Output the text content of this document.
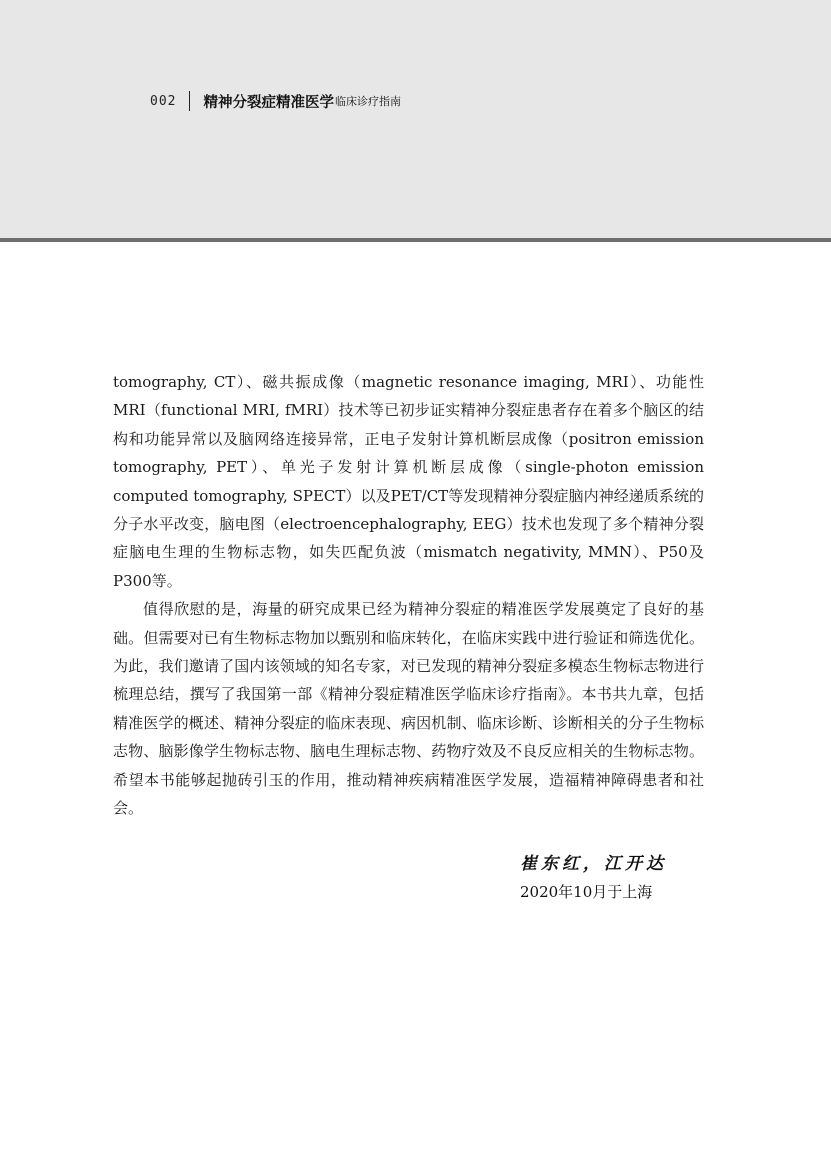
002 精神分裂症精准医学 临床诊疗指南

tomography, CT）、磁共振成像（magnetic resonance imaging, MRI）、功能性MRI（functional MRI, fMRI）技术等已初步证实精神分裂症患者存在着多个脑区的结构和功能异常以及脑网络连接异常，正电子发射计算机断层成像（positron emission tomography, PET）、单光子发射计算机断层成像（single-photon emission computed tomography, SPECT）以及PET/CT等发现精神分裂症脑内神经递质系统的分子水平改变，脑电图（electroencephalography, EEG）技术也发现了多个精神分裂症脑电生理的生物标志物，如失匹配负波（mismatch negativity, MMN）、P50及P300等。

值得欣慰的是，海量的研究成果已经为精神分裂症的精准医学发展奠定了良好的基础。但需要对已有生物标志物加以甄别和临床转化，在临床实践中进行验证和筛选优化。为此，我们邀请了国内该领域的知名专家，对已发现的精神分裂症多模态生物标志物进行梳理总结，撰写了我国第一部《精神分裂症精准医学临床诊疗指南》。本书共九章，包括精准医学的概述、精神分裂症的临床表现、病因机制、临床诊断、诊断相关的分子生物标志物、脑影像学生物标志物、脑电生理标志物、药物疗效及不良反应相关的生物标志物。希望本书能够起抛砖引玉的作用，推动精神疾病精准医学发展，造福精神障碍患者和社会。

崔东红，江开达
2020年10月于上海
